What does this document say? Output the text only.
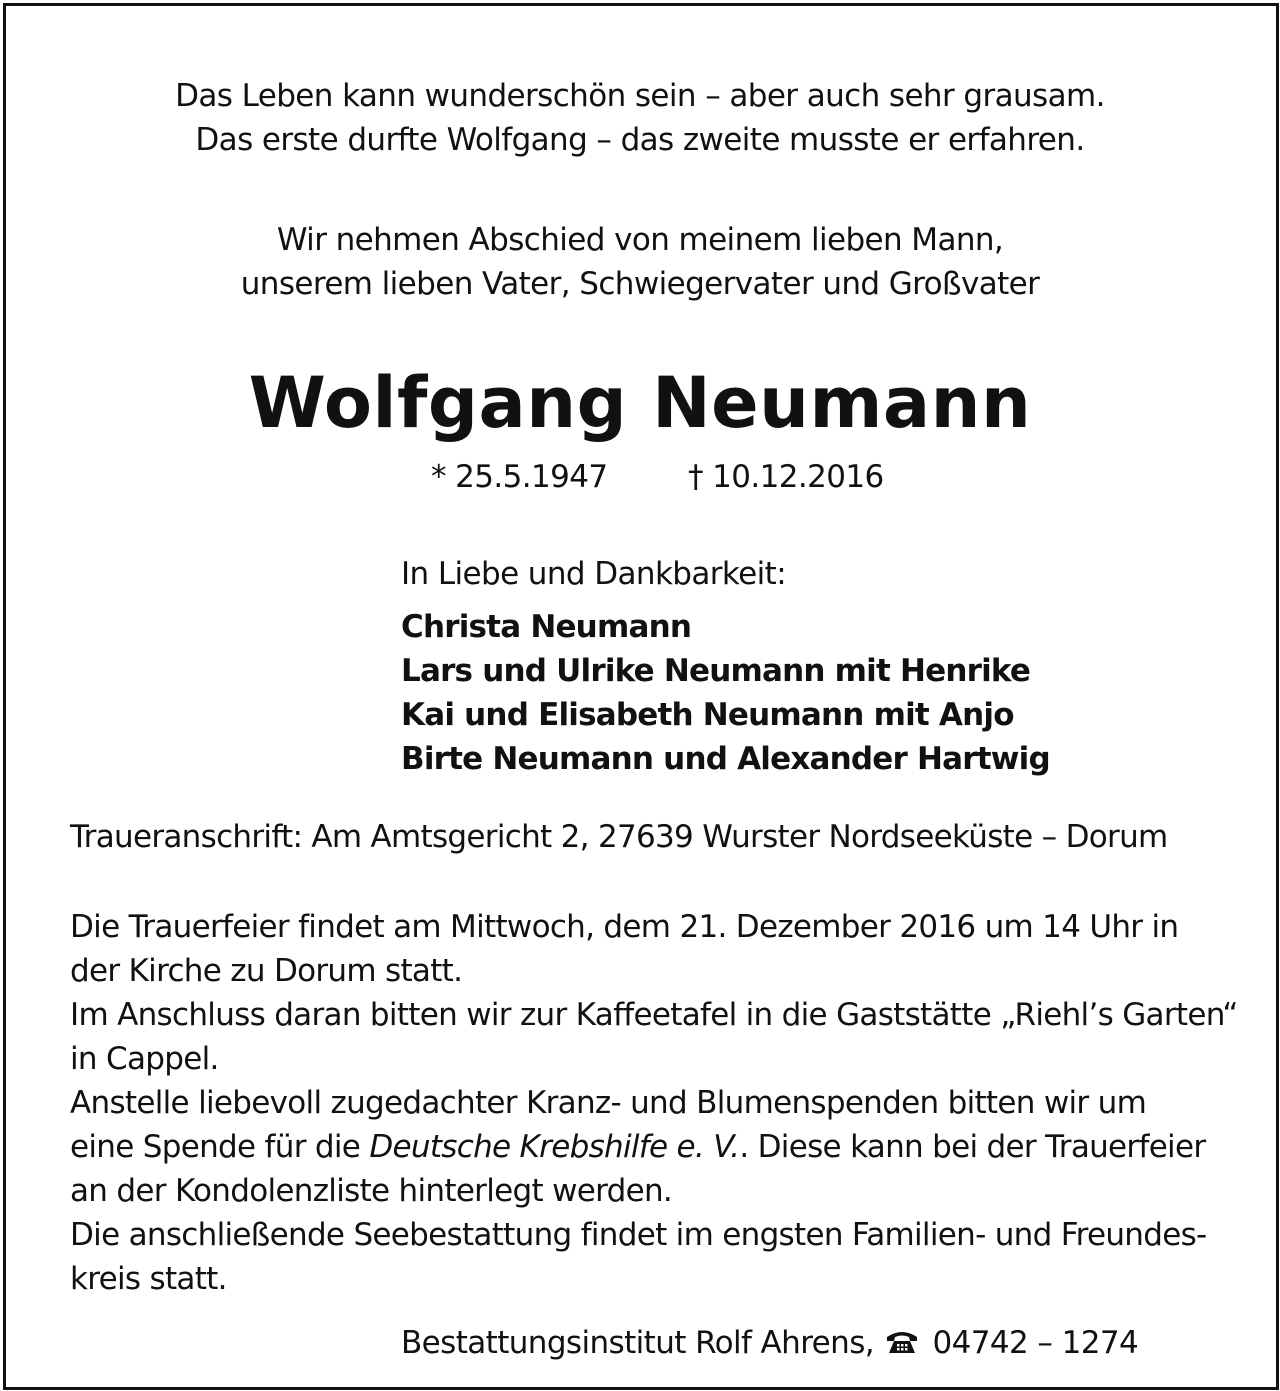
Das Leben kann wunderschön sein – aber auch sehr grausam.
Das erste durfte Wolfgang – das zweite musste er erfahren.
Wir nehmen Abschied von meinem lieben Mann,
unserem lieben Vater, Schwiegervater und Großvater
Wolfgang Neumann
* 25.5.1947	† 10.12.2016
In Liebe und Dankbarkeit:
Christa Neumann
Lars und Ulrike Neumann mit Henrike
Kai und Elisabeth Neumann mit Anjo
Birte Neumann und Alexander Hartwig
Traueranschrift: Am Amtsgericht 2, 27639 Wurster Nordseeküste – Dorum
Die Trauerfeier findet am Mittwoch, dem 21. Dezember 2016 um 14 Uhr in
der Kirche zu Dorum statt.
Im Anschluss daran bitten wir zur Kaffeetafel in die Gaststätte „Riehl’s Garten“
in Cappel.
Anstelle liebevoll zugedachter Kranz- und Blumenspenden bitten wir um
eine Spende für die Deutsche Krebshilfe e. V.. Diese kann bei der Trauerfeier
an der Kondolenzliste hinterlegt werden.
Die anschließende Seebestattung findet im engsten Familien- und Freundes-
kreis statt.
Bestattungsinstitut Rolf Ahrens, 04742 – 1274
